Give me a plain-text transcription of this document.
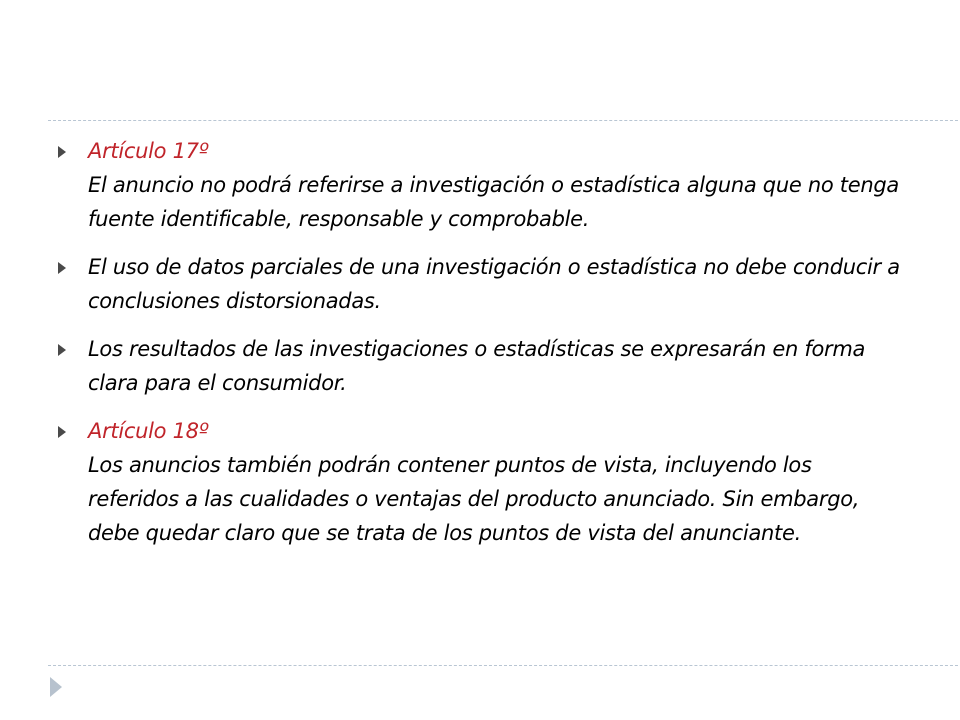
Artículo 17º
El anuncio no podrá referirse a investigación o estadística alguna que no tenga fuente identificable, responsable y comprobable.
El uso de datos parciales de una investigación o estadística no debe conducir a conclusiones distorsionadas.
Los resultados de las investigaciones o estadísticas se expresarán en forma clara para el consumidor.
Artículo 18º
Los anuncios también podrán contener puntos de vista, incluyendo los referidos a las cualidades o ventajas del producto anunciado. Sin embargo, debe quedar claro que se trata de los puntos de vista del anunciante.
